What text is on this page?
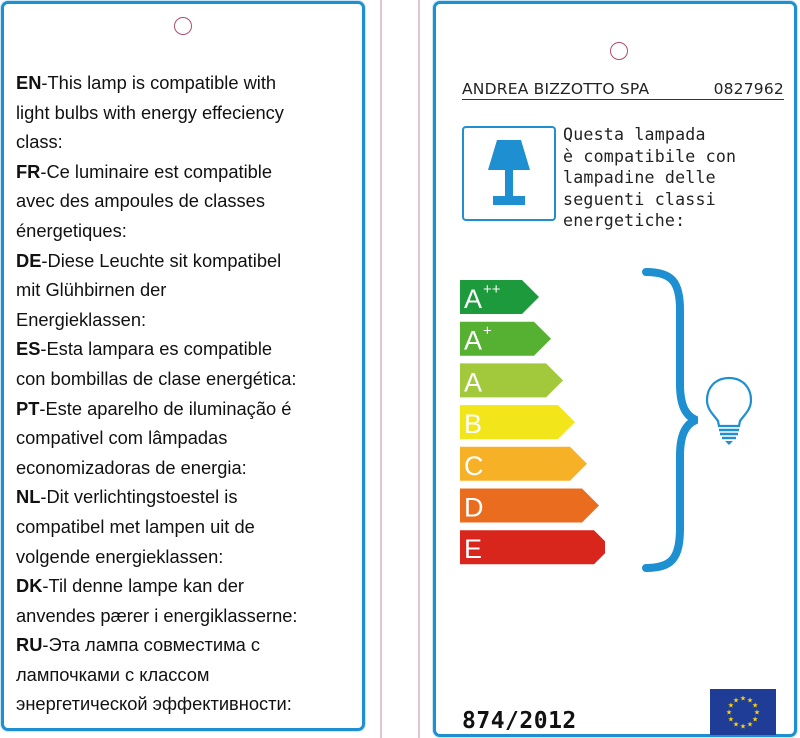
EN-This lamp is compatible with
light bulbs with energy effeciency
class:
FR-Ce luminaire est compatible
avec des ampoules de classes
énergetiques:
DE-Diese Leuchte sit kompatibel
mit Glühbirnen der
Energieklassen:
ES-Esta lampara es compatible
con bombillas de clase energética:
PT-Este aparelho de iluminação é
compativel com lâmpadas
economizadoras de energia:
NL-Dit verlichtingstoestel is
compatibel met lampen uit de
volgende energieklassen:
DK-Til denne lampe kan der
anvendes pærer i energiklasserne:
RU-Эта лампа совместима с
лампочками с классом
энергетической эффективности:
ANDREA BIZZOTTO SPA	0827962
Questa lampada
è compatibile con
lampadine delle
seguenti classi
energetiche:
A ++
A +
A
B
C
D
E
874/2012	★
★
★
★
★
★
★
★
★ ★ ★
★
